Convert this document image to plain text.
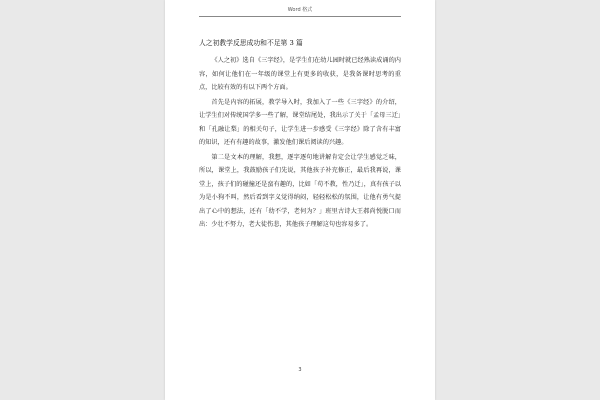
Word 格式
人之初教学反思成功和不足第 3 篇

《人之初》选自《三字经》，是学生们在幼儿园时就已经熟读成诵的内容，如何让他们在一年级的课堂上有更多的收获，是我备课时思考的重点，比较有效的有以下两个方面。

首先是内容的拓展，教学导入时，我加入了一些《三字经》的介绍，让学生们对传统国学多一些了解，课堂结尾处，我出示了关于「孟母三迁」和「孔融让梨」的相关句子，让学生进一步感受《三字经》除了含有丰富的知识，还有有趣的故事，激发他们课后阅读的兴趣。

第二是文本的理解，我想，逐字逐句地讲解肯定会让学生感觉乏味，所以，课堂上，我鼓励孩子们先说，其他孩子补充修正，最后我再说，课堂上，孩子们的碰撞还是蛮有趣的，比如「苟不教，性乃迁」，真有孩子以为是小狗不叫，然后看到字义觉得纳闷，轻轻松松的氛围，让他有勇气提出了心中的想法，还有「幼不学，老何为？」班里古诗大王郝尚悦脱口而出：少壮不努力，老大徒伤悲，其他孩子理解这句也容易多了。

3
